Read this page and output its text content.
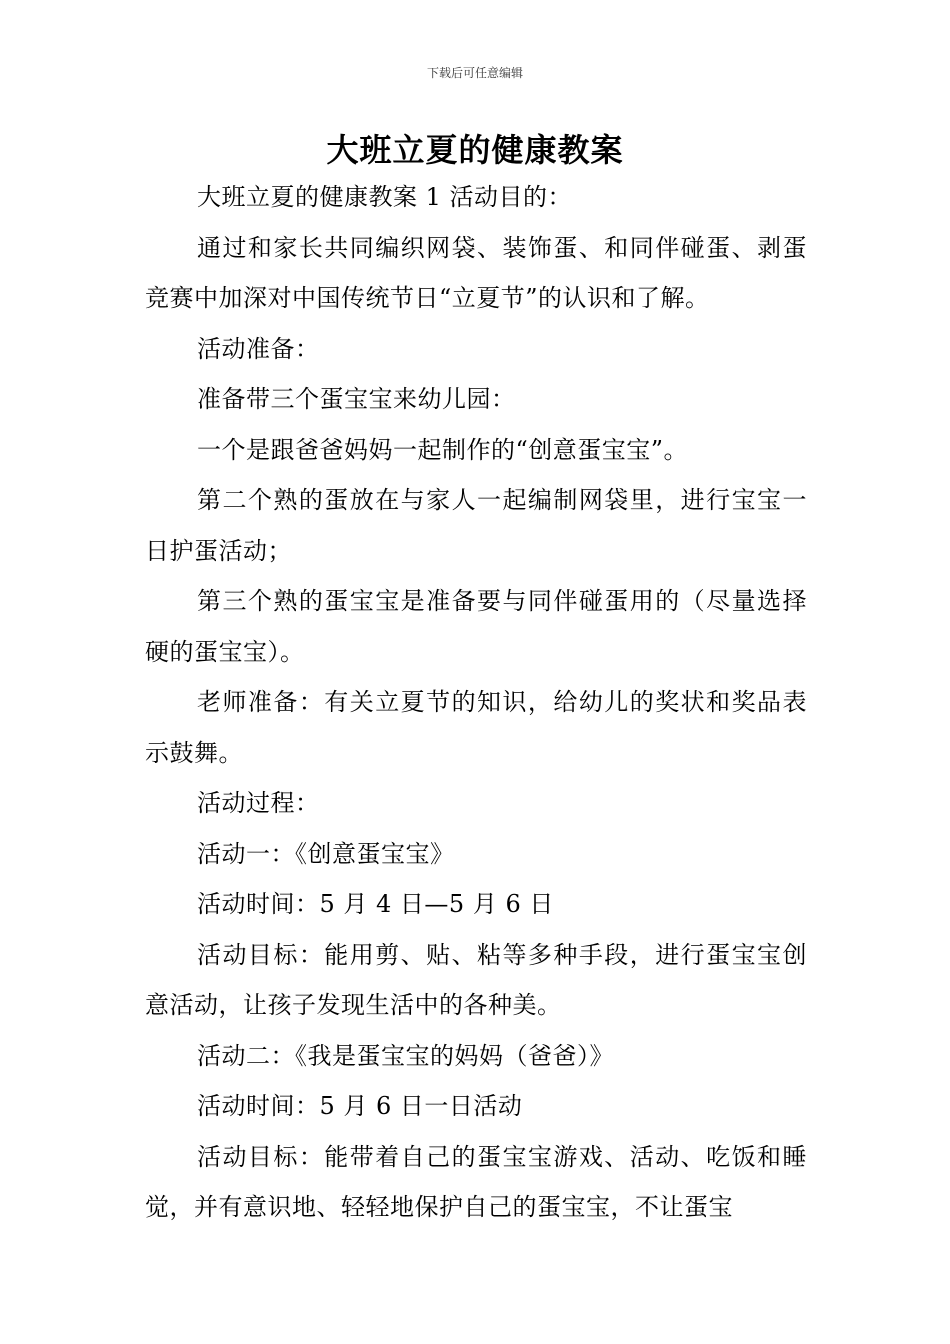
下载后可任意编辑
大班立夏的健康教案

大班立夏的健康教案 1 活动目的：

通过和家长共同编织网袋、装饰蛋、和同伴碰蛋、剥蛋竞赛中加深对中国传统节日“立夏节”的认识和了解。

活动准备：

准备带三个蛋宝宝来幼儿园：

一个是跟爸爸妈妈一起制作的“创意蛋宝宝”。

第二个熟的蛋放在与家人一起编制网袋里，进行宝宝一日护蛋活动；

第三个熟的蛋宝宝是准备要与同伴碰蛋用的（尽量选择硬的蛋宝宝）。

老师准备：有关立夏节的知识，给幼儿的奖状和奖品表示鼓舞。

活动过程：

活动一：《创意蛋宝宝》

活动时间：5 月 4 日—5 月 6 日

活动目标：能用剪、贴、粘等多种手段，进行蛋宝宝创意活动，让孩子发现生活中的各种美。

活动二：《我是蛋宝宝的妈妈（爸爸）》

活动时间：5 月 6 日一日活动

活动目标：能带着自己的蛋宝宝游戏、活动、吃饭和睡觉，并有意识地、轻轻地保护自己的蛋宝宝，不让蛋宝
